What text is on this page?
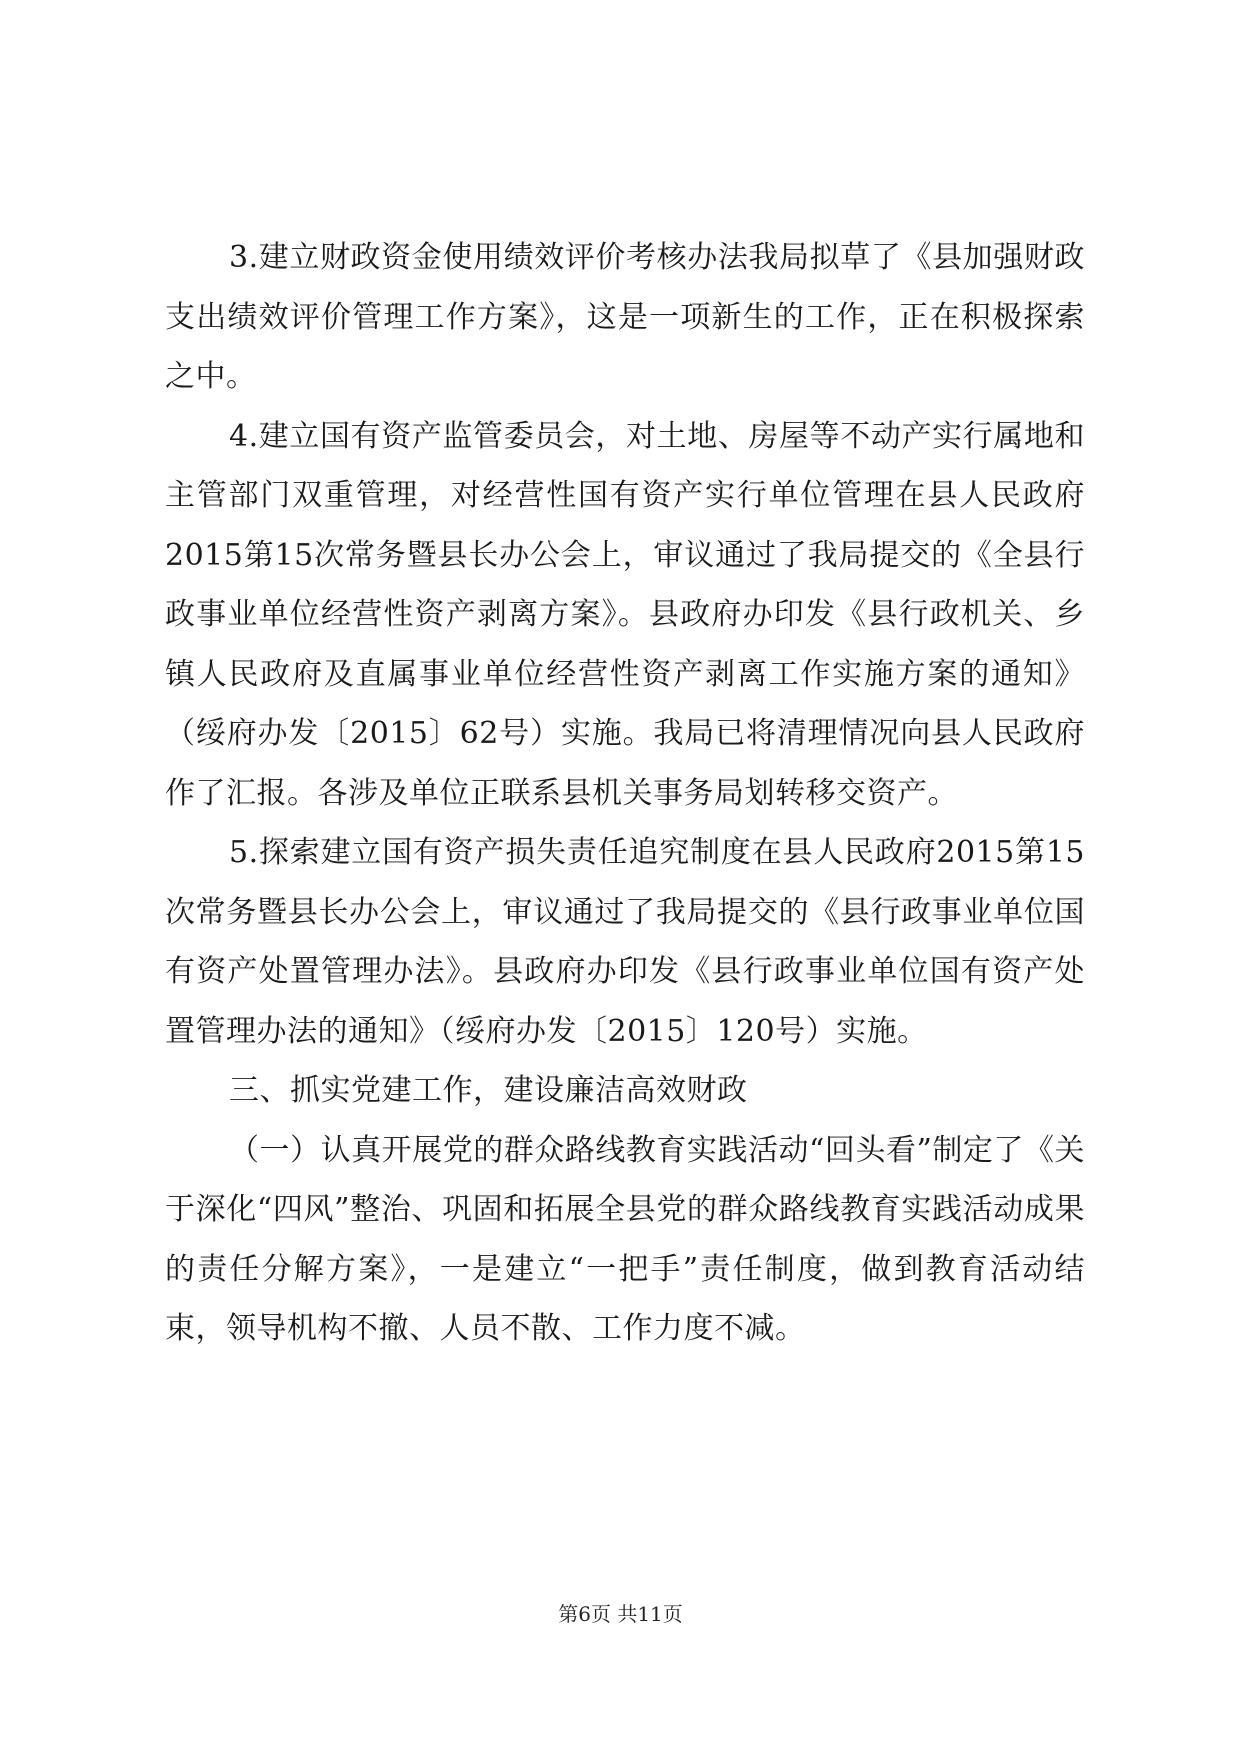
3.建立财政资金使用绩效评价考核办法我局拟草了《县加强财政支出绩效评价管理工作方案》，这是一项新生的工作，正在积极探索之中。

4.建立国有资产监管委员会，对土地、房屋等不动产实行属地和主管部门双重管理，对经营性国有资产实行单位管理在县人民政府2015第15次常务暨县长办公会上，审议通过了我局提交的《全县行政事业单位经营性资产剥离方案》。县政府办印发《县行政机关、乡镇人民政府及直属事业单位经营性资产剥离工作实施方案的通知》（绥府办发〔2015〕62号）实施。我局已将清理情况向县人民政府作了汇报。各涉及单位正联系县机关事务局划转移交资产。

5.探索建立国有资产损失责任追究制度在县人民政府2015第15次常务暨县长办公会上，审议通过了我局提交的《县行政事业单位国有资产处置管理办法》。县政府办印发《县行政事业单位国有资产处置管理办法的通知》（绥府办发〔2015〕120号）实施。

三、抓实党建工作，建设廉洁高效财政

（一）认真开展党的群众路线教育实践活动“回头看”制定了《关于深化“四风”整治、巩固和拓展全县党的群众路线教育实践活动成果的责任分解方案》，一是建立“一把手”责任制度，做到教育活动结束，领导机构不撤、人员不散、工作力度不减。

第6页 共11页
